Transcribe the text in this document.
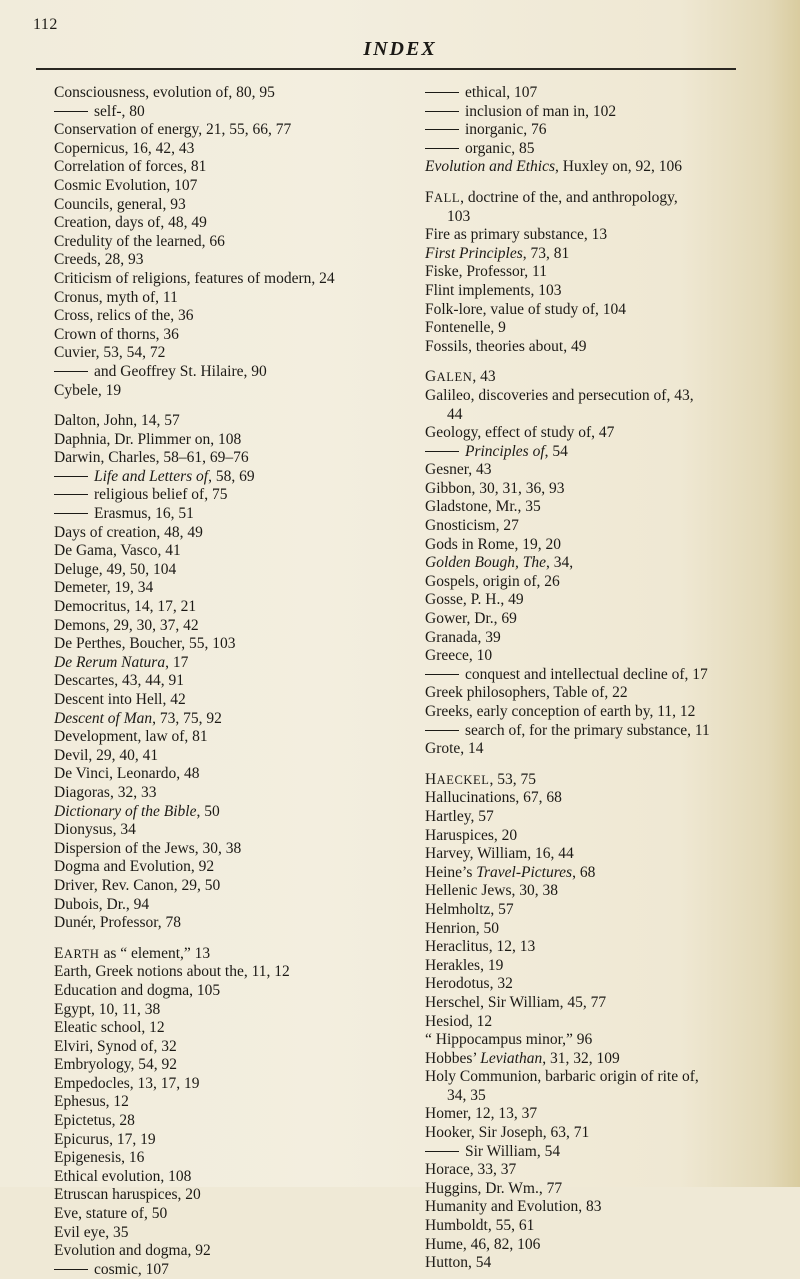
112
INDEX
Consciousness, evolution of, 80, 95
self-, 80
Conservation of energy, 21, 55, 66, 77
Copernicus, 16, 42, 43
Correlation of forces, 81
Cosmic Evolution, 107
Councils, general, 93
Creation, days of, 48, 49
Credulity of the learned, 66
Creeds, 28, 93
Criticism of religions, features of modern, 24
Cronus, myth of, 11
Cross, relics of the, 36
Crown of thorns, 36
Cuvier, 53, 54, 72
and Geoffrey St. Hilaire, 90
Cybele, 19
Dalton, John, 14, 57
Daphnia, Dr. Plimmer on, 108
Darwin, Charles, 58–61, 69–76
Life and Letters of, 58, 69
religious belief of, 75
Erasmus, 16, 51
Days of creation, 48, 49
De Gama, Vasco, 41
Deluge, 49, 50, 104
Demeter, 19, 34
Democritus, 14, 17, 21
Demons, 29, 30, 37, 42
De Perthes, Boucher, 55, 103
De Rerum Natura, 17
Descartes, 43, 44, 91
Descent into Hell, 42
Descent of Man, 73, 75, 92
Development, law of, 81
Devil, 29, 40, 41
De Vinci, Leonardo, 48
Diagoras, 32, 33
Dictionary of the Bible, 50
Dionysus, 34
Dispersion of the Jews, 30, 38
Dogma and Evolution, 92
Driver, Rev. Canon, 29, 50
Dubois, Dr., 94
Dunér, Professor, 78
EARTH as “ element,” 13
Earth, Greek notions about the, 11, 12
Education and dogma, 105
Egypt, 10, 11, 38
Eleatic school, 12
Elviri, Synod of, 32
Embryology, 54, 92
Empedocles, 13, 17, 19
Ephesus, 12
Epictetus, 28
Epicurus, 17, 19
Epigenesis, 16
Ethical evolution, 108
Etruscan haruspices, 20
Eve, stature of, 50
Evil eye, 35
Evolution and dogma, 92
cosmic, 107
ethical, 107
inclusion of man in, 102
inorganic, 76
organic, 85
Evolution and Ethics, Huxley on, 92, 106
FALL, doctrine of the, and anthropology,
103
Fire as primary substance, 13
First Principles, 73, 81
Fiske, Professor, 11
Flint implements, 103
Folk-lore, value of study of, 104
Fontenelle, 9
Fossils, theories about, 49
GALEN, 43
Galileo, discoveries and persecution of, 43,
44
Geology, effect of study of, 47
Principles of, 54
Gesner, 43
Gibbon, 30, 31, 36, 93
Gladstone, Mr., 35
Gnosticism, 27
Gods in Rome, 19, 20
Golden Bough, The, 34,
Gospels, origin of, 26
Gosse, P. H., 49
Gower, Dr., 69
Granada, 39
Greece, 10
conquest and intellectual decline of, 17
Greek philosophers, Table of, 22
Greeks, early conception of earth by, 11, 12
search of, for the primary substance, 11
Grote, 14
HAECKEL, 53, 75
Hallucinations, 67, 68
Hartley, 57
Haruspices, 20
Harvey, William, 16, 44
Heine’s Travel-Pictures, 68
Hellenic Jews, 30, 38
Helmholtz, 57
Henrion, 50
Heraclitus, 12, 13
Herakles, 19
Herodotus, 32
Herschel, Sir William, 45, 77
Hesiod, 12
“ Hippocampus minor,” 96
Hobbes’ Leviathan, 31, 32, 109
Holy Communion, barbaric origin of rite of,
34, 35
Homer, 12, 13, 37
Hooker, Sir Joseph, 63, 71
Sir William, 54
Horace, 33, 37
Huggins, Dr. Wm., 77
Humanity and Evolution, 83
Humboldt, 55, 61
Hume, 46, 82, 106
Hutton, 54
